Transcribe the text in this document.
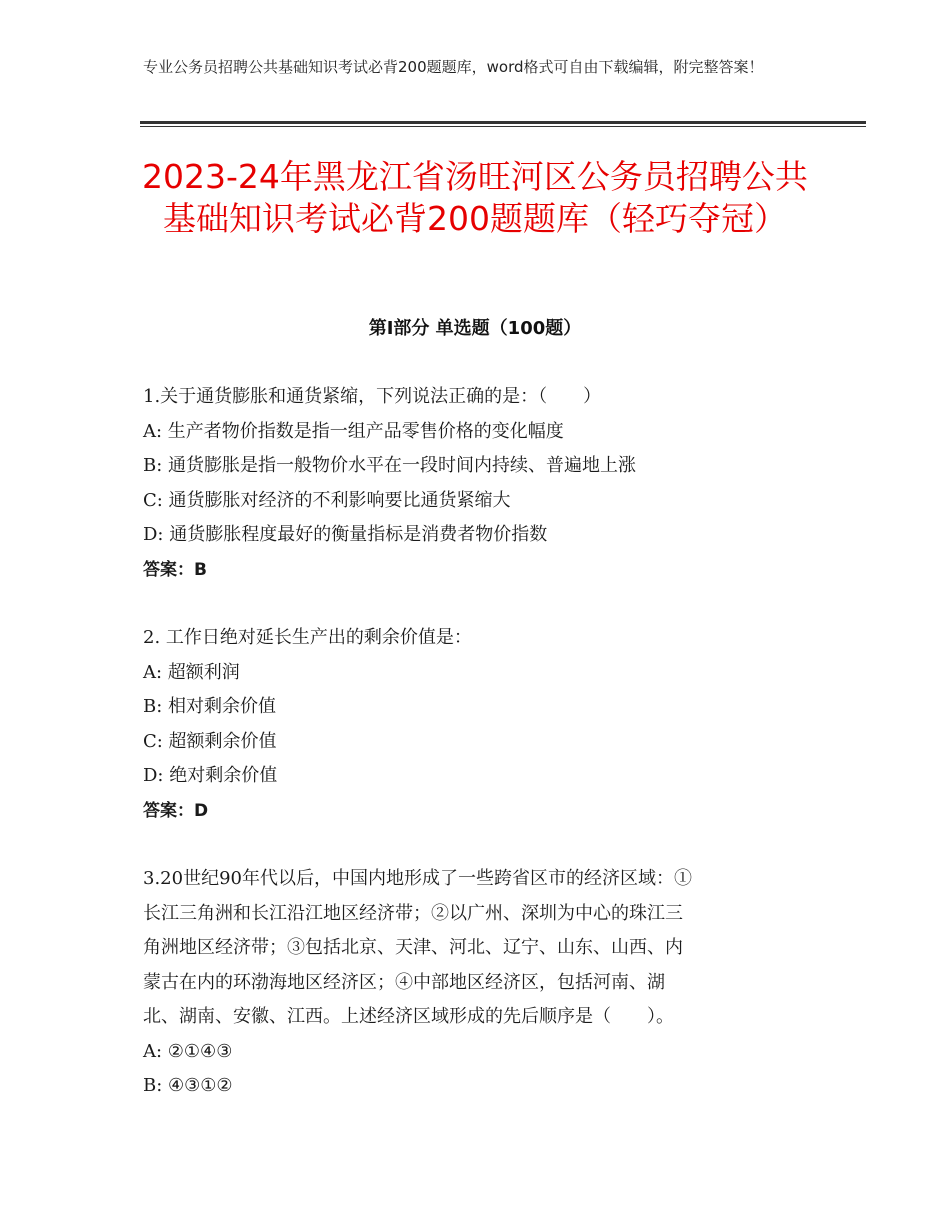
专业公务员招聘公共基础知识考试必背200题题库，word格式可自由下载编辑，附完整答案！
2023-24年黑龙江省汤旺河区公务员招聘公共基础知识考试必背200题题库（轻巧夺冠）
第I部分 单选题（100题）
1.关于通货膨胀和通货紧缩，下列说法正确的是：（　　）
A: 生产者物价指数是指一组产品零售价格的变化幅度
B: 通货膨胀是指一般物价水平在一段时间内持续、普遍地上涨
C: 通货膨胀对经济的不利影响要比通货紧缩大
D: 通货膨胀程度最好的衡量指标是消费者物价指数
答案：B
2. 工作日绝对延长生产出的剩余价值是：
A: 超额利润
B: 相对剩余价值
C: 超额剩余价值
D: 绝对剩余价值
答案：D
3.20世纪90年代以后，中国内地形成了一些跨省区市的经济区域：①
长江三角洲和长江沿江地区经济带；②以广州、深圳为中心的珠江三
角洲地区经济带；③包括北京、天津、河北、辽宁、山东、山西、内
蒙古在内的环渤海地区经济区；④中部地区经济区，包括河南、湖
北、湖南、安徽、江西。上述经济区域形成的先后顺序是（　　）。
A: ②①④③
B: ④③①②
